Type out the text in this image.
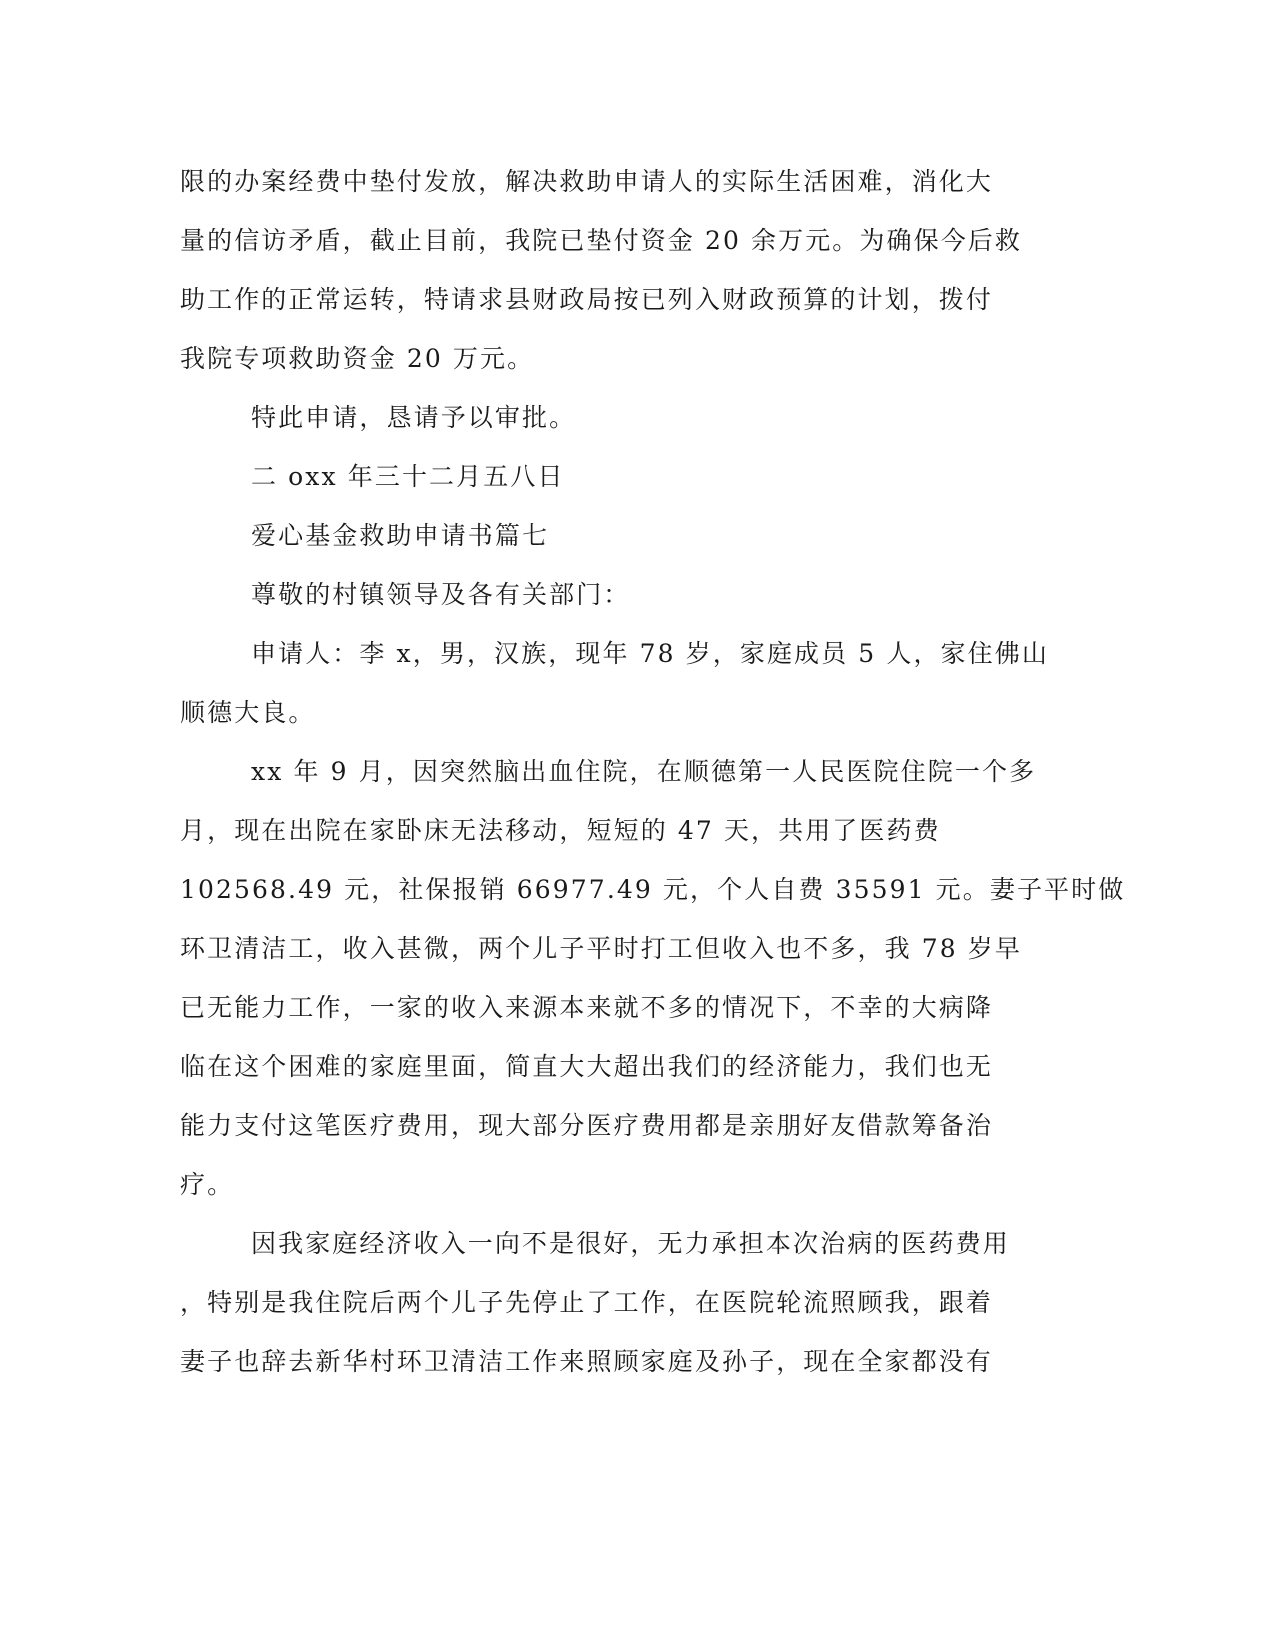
限的办案经费中垫付发放，解决救助申请人的实际生活困难，消化大
量的信访矛盾，截止目前，我院已垫付资金 20 余万元。为确保今后救
助工作的正常运转，特请求县财政局按已列入财政预算的计划，拨付
我院专项救助资金 20 万元。
特此申请，恳请予以审批。
二 oxx 年三十二月五八日
爱心基金救助申请书篇七
尊敬的村镇领导及各有关部门：
申请人：李 x，男，汉族，现年 78 岁，家庭成员 5 人，家住佛山
顺德大良。
xx 年 9 月，因突然脑出血住院，在顺德第一人民医院住院一个多
月，现在出院在家卧床无法移动，短短的 47 天，共用了医药费
102568.49 元，社保报销 66977.49 元，个人自费 35591 元。妻子平时做
环卫清洁工，收入甚微，两个儿子平时打工但收入也不多，我 78 岁早
已无能力工作，一家的收入来源本来就不多的情况下，不幸的大病降
临在这个困难的家庭里面，简直大大超出我们的经济能力，我们也无
能力支付这笔医疗费用，现大部分医疗费用都是亲朋好友借款筹备治
疗。
因我家庭经济收入一向不是很好，无力承担本次治病的医药费用
，特别是我住院后两个儿子先停止了工作，在医院轮流照顾我，跟着
妻子也辞去新华村环卫清洁工作来照顾家庭及孙子，现在全家都没有
